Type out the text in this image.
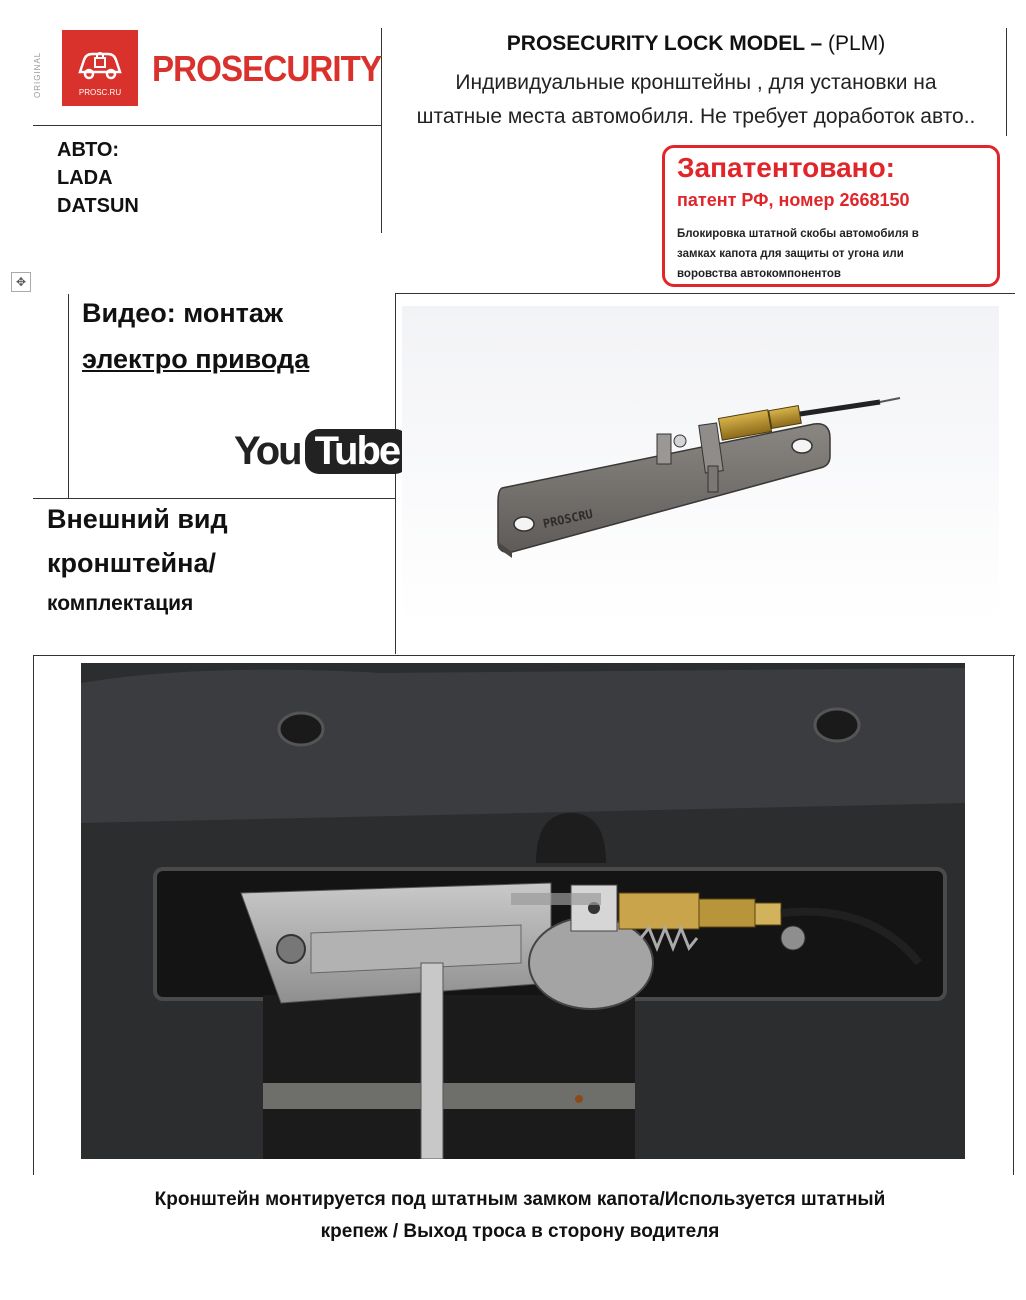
ORIGINAL	PROSC.RU
PROSECURITY
АВТО:
LADA
DATSUN
PROSECURITY LOCK MODEL – (PLM)
Индивидуальные кронштейны , для установки на
штатные места автомобиля. Не требует доработок авто..
Запатентовано:
патент РФ, номер 2668150
Блокировка штатной скобы автомобиля в
замках капота для защиты от угона или
воровства автокомпонентов
✥
Видео: монтаж
электро привода
You Tube
Внешний вид
кронштейна/
комплектация
PROSCRU
Кронштейн монтируется под штатным замком капота/Используется штатный
крепеж / Выход троса в сторону водителя
